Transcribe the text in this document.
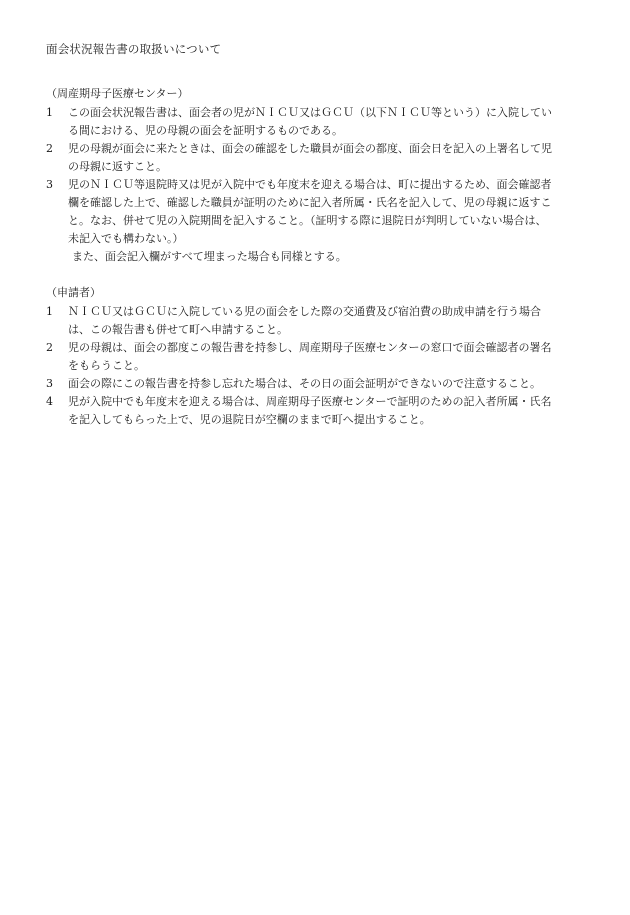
面会状況報告書の取扱いについて
（周産期母子医療センター）
1	この面会状況報告書は、面会者の児がＮＩＣＵ又はＧＣＵ（以下ＮＩＣＵ等という）に入院してい
る間における、児の母親の面会を証明するものである。
2	児の母親が面会に来たときは、面会の確認をした職員が面会の都度、面会日を記入の上署名して児
の母親に返すこと。
3	児のＮＩＣＵ等退院時又は児が入院中でも年度末を迎える場合は、町に提出するため、面会確認者
欄を確認した上で、確認した職員が証明のために記入者所属・氏名を記入して、児の母親に返すこ
と。なお、併せて児の入院期間を記入すること。（証明する際に退院日が判明していない場合は、
未記入でも構わない。）
また、面会記入欄がすべて埋まった場合も同様とする。
（申請者）
1	ＮＩＣＵ又はＧＣＵに入院している児の面会をした際の交通費及び宿泊費の助成申請を行う場合
は、この報告書も併せて町へ申請すること。
2	児の母親は、面会の都度この報告書を持参し、周産期母子医療センターの窓口で面会確認者の署名
をもらうこと。
3	面会の際にこの報告書を持参し忘れた場合は、その日の面会証明ができないので注意すること。
4	児が入院中でも年度末を迎える場合は、周産期母子医療センターで証明のための記入者所属・氏名
を記入してもらった上で、児の退院日が空欄のままで町へ提出すること。
